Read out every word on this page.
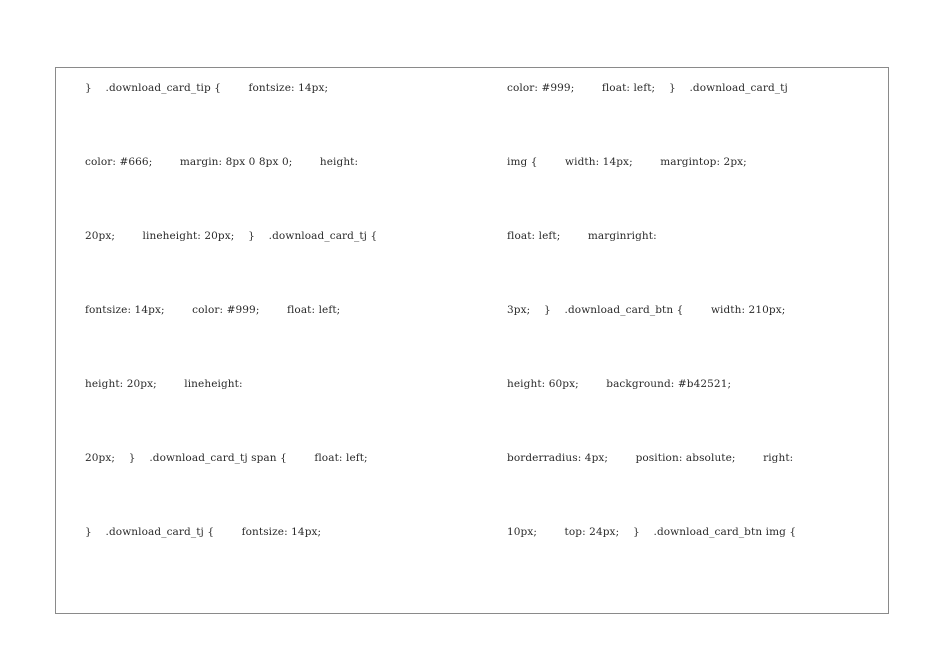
}    .download_card_tip {        fontsize: 14px;
color: #666;        margin: 8px 0 8px 0;        height:
20px;        lineheight: 20px;    }    .download_card_tj {
fontsize: 14px;        color: #999;        float: left;
height: 20px;        lineheight:
20px;    }    .download_card_tj span {        float: left;
}    .download_card_tj {        fontsize: 14px;
color: #999;        float: left;    }    .download_card_tj
img {        width: 14px;        margintop: 2px;
float: left;        marginright:
3px;    }    .download_card_btn {        width: 210px;
height: 60px;        background: #b42521;
borderradius: 4px;        position: absolute;        right:
10px;        top: 24px;    }    .download_card_btn img {
